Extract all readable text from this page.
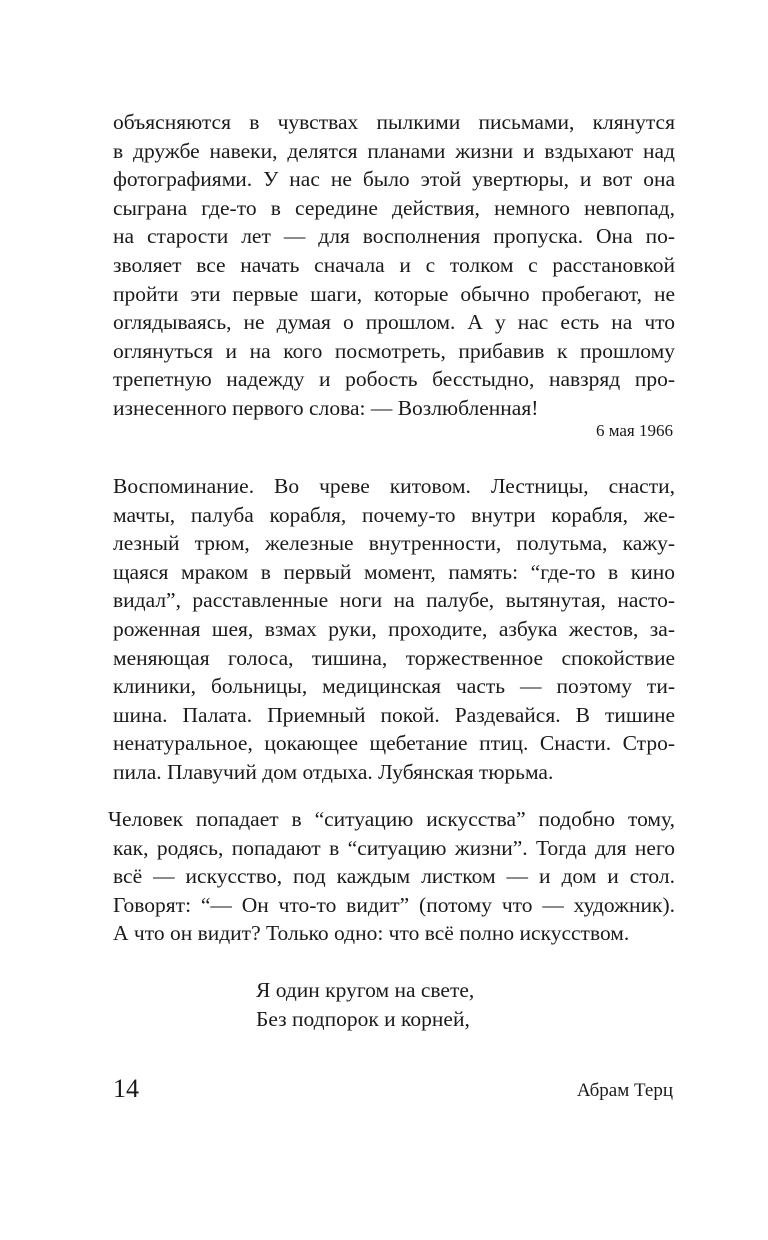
объясняются в чувствах пылкими письмами, клянутся
в дружбе навеки, делятся планами жизни и вздыхают над
фотографиями. У нас не было этой увертюры, и вот она
сыграна где-то в середине действия, немного невпопад,
на старости лет — для восполнения пропуска. Она по-
зволяет все начать сначала и с толком с расстановкой
пройти эти первые шаги, которые обычно пробегают, не
оглядываясь, не думая о прошлом. А у нас есть на что
оглянуться и на кого посмотреть, прибавив к прошлому
трепетную надежду и робость бесстыдно, навзряд про-
изнесенного первого слова: — Возлюбленная!
6 мая 1966
Воспоминание. Во чреве китовом. Лестницы, снасти,
мачты, палуба корабля, почему-то внутри корабля, же-
лезный трюм, железные внутренности, полутьма, кажу-
щаяся мраком в первый момент, память: “где-то в кино
видал”, расставленные ноги на палубе, вытянутая, насто-
роженная шея, взмах руки, проходите, азбука жестов, за-
меняющая голоса, тишина, торжественное спокойствие
клиники, больницы, медицинская часть — поэтому ти-
шина. Палата. Приемный покой. Раздевайся. В тишине
ненатуральное, цокающее щебетание птиц. Снасти. Стро-
пила. Плавучий дом отдыха. Лубянская тюрьма.
Человек попадает в “ситуацию искусства” подобно тому,
как, родясь, попадают в “ситуацию жизни”. Тогда для него
всё — искусство, под каждым листком — и дом и стол.
Говорят: “— Он что-то видит” (потому что — художник).
А что он видит? Только одно: что всё полно искусством.
Я один кругом на свете,
Без подпорок и корней,
14	Абрам Терц
